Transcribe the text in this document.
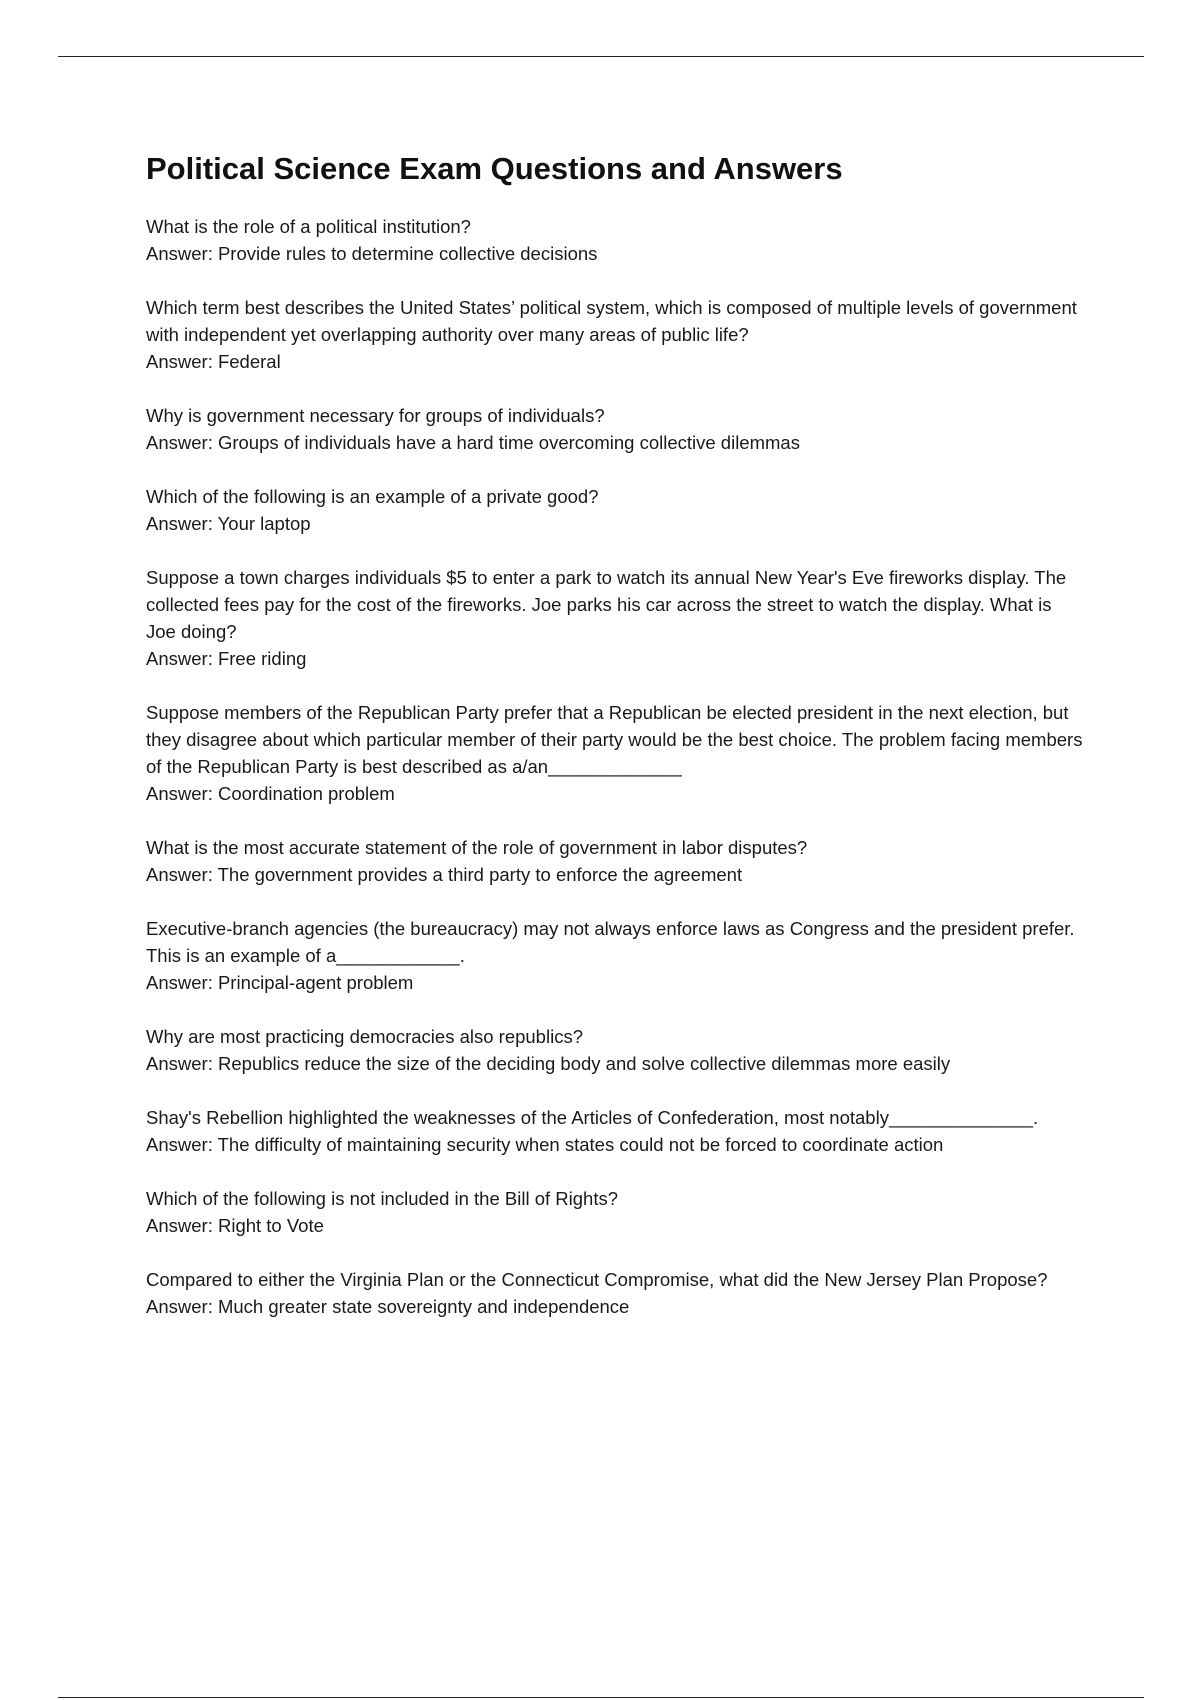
Political Science Exam Questions and Answers

What is the role of a political institution?

Answer: Provide rules to determine collective decisions

Which term best describes the United States’ political system, which is composed of multiple levels of government with independent yet overlapping authority over many areas of public life?

Answer: Federal

Why is government necessary for groups of individuals?

Answer: Groups of individuals have a hard time overcoming collective dilemmas

Which of the following is an example of a private good?

Answer: Your laptop

Suppose a town charges individuals $5 to enter a park to watch its annual New Year's Eve fireworks display. The collected fees pay for the cost of the fireworks. Joe parks his car across the street to watch the display. What is Joe doing?

Answer: Free riding

Suppose members of the Republican Party prefer that a Republican be elected president in the next election, but they disagree about which particular member of their party would be the best choice. The problem facing members of the Republican Party is best described as a/an_____________

Answer: Coordination problem

What is the most accurate statement of the role of government in labor disputes?

Answer: The government provides a third party to enforce the agreement

Executive-branch agencies (the bureaucracy) may not always enforce laws as Congress and the president prefer. This is an example of a____________.

Answer: Principal-agent problem

Why are most practicing democracies also republics?

Answer: Republics reduce the size of the deciding body and solve collective dilemmas more easily

Shay's Rebellion highlighted the weaknesses of the Articles of Confederation, most notably______________.

Answer: The difficulty of maintaining security when states could not be forced to coordinate action

Which of the following is not included in the Bill of Rights?

Answer: Right to Vote

Compared to either the Virginia Plan or the Connecticut Compromise, what did the New Jersey Plan Propose?

Answer: Much greater state sovereignty and independence
